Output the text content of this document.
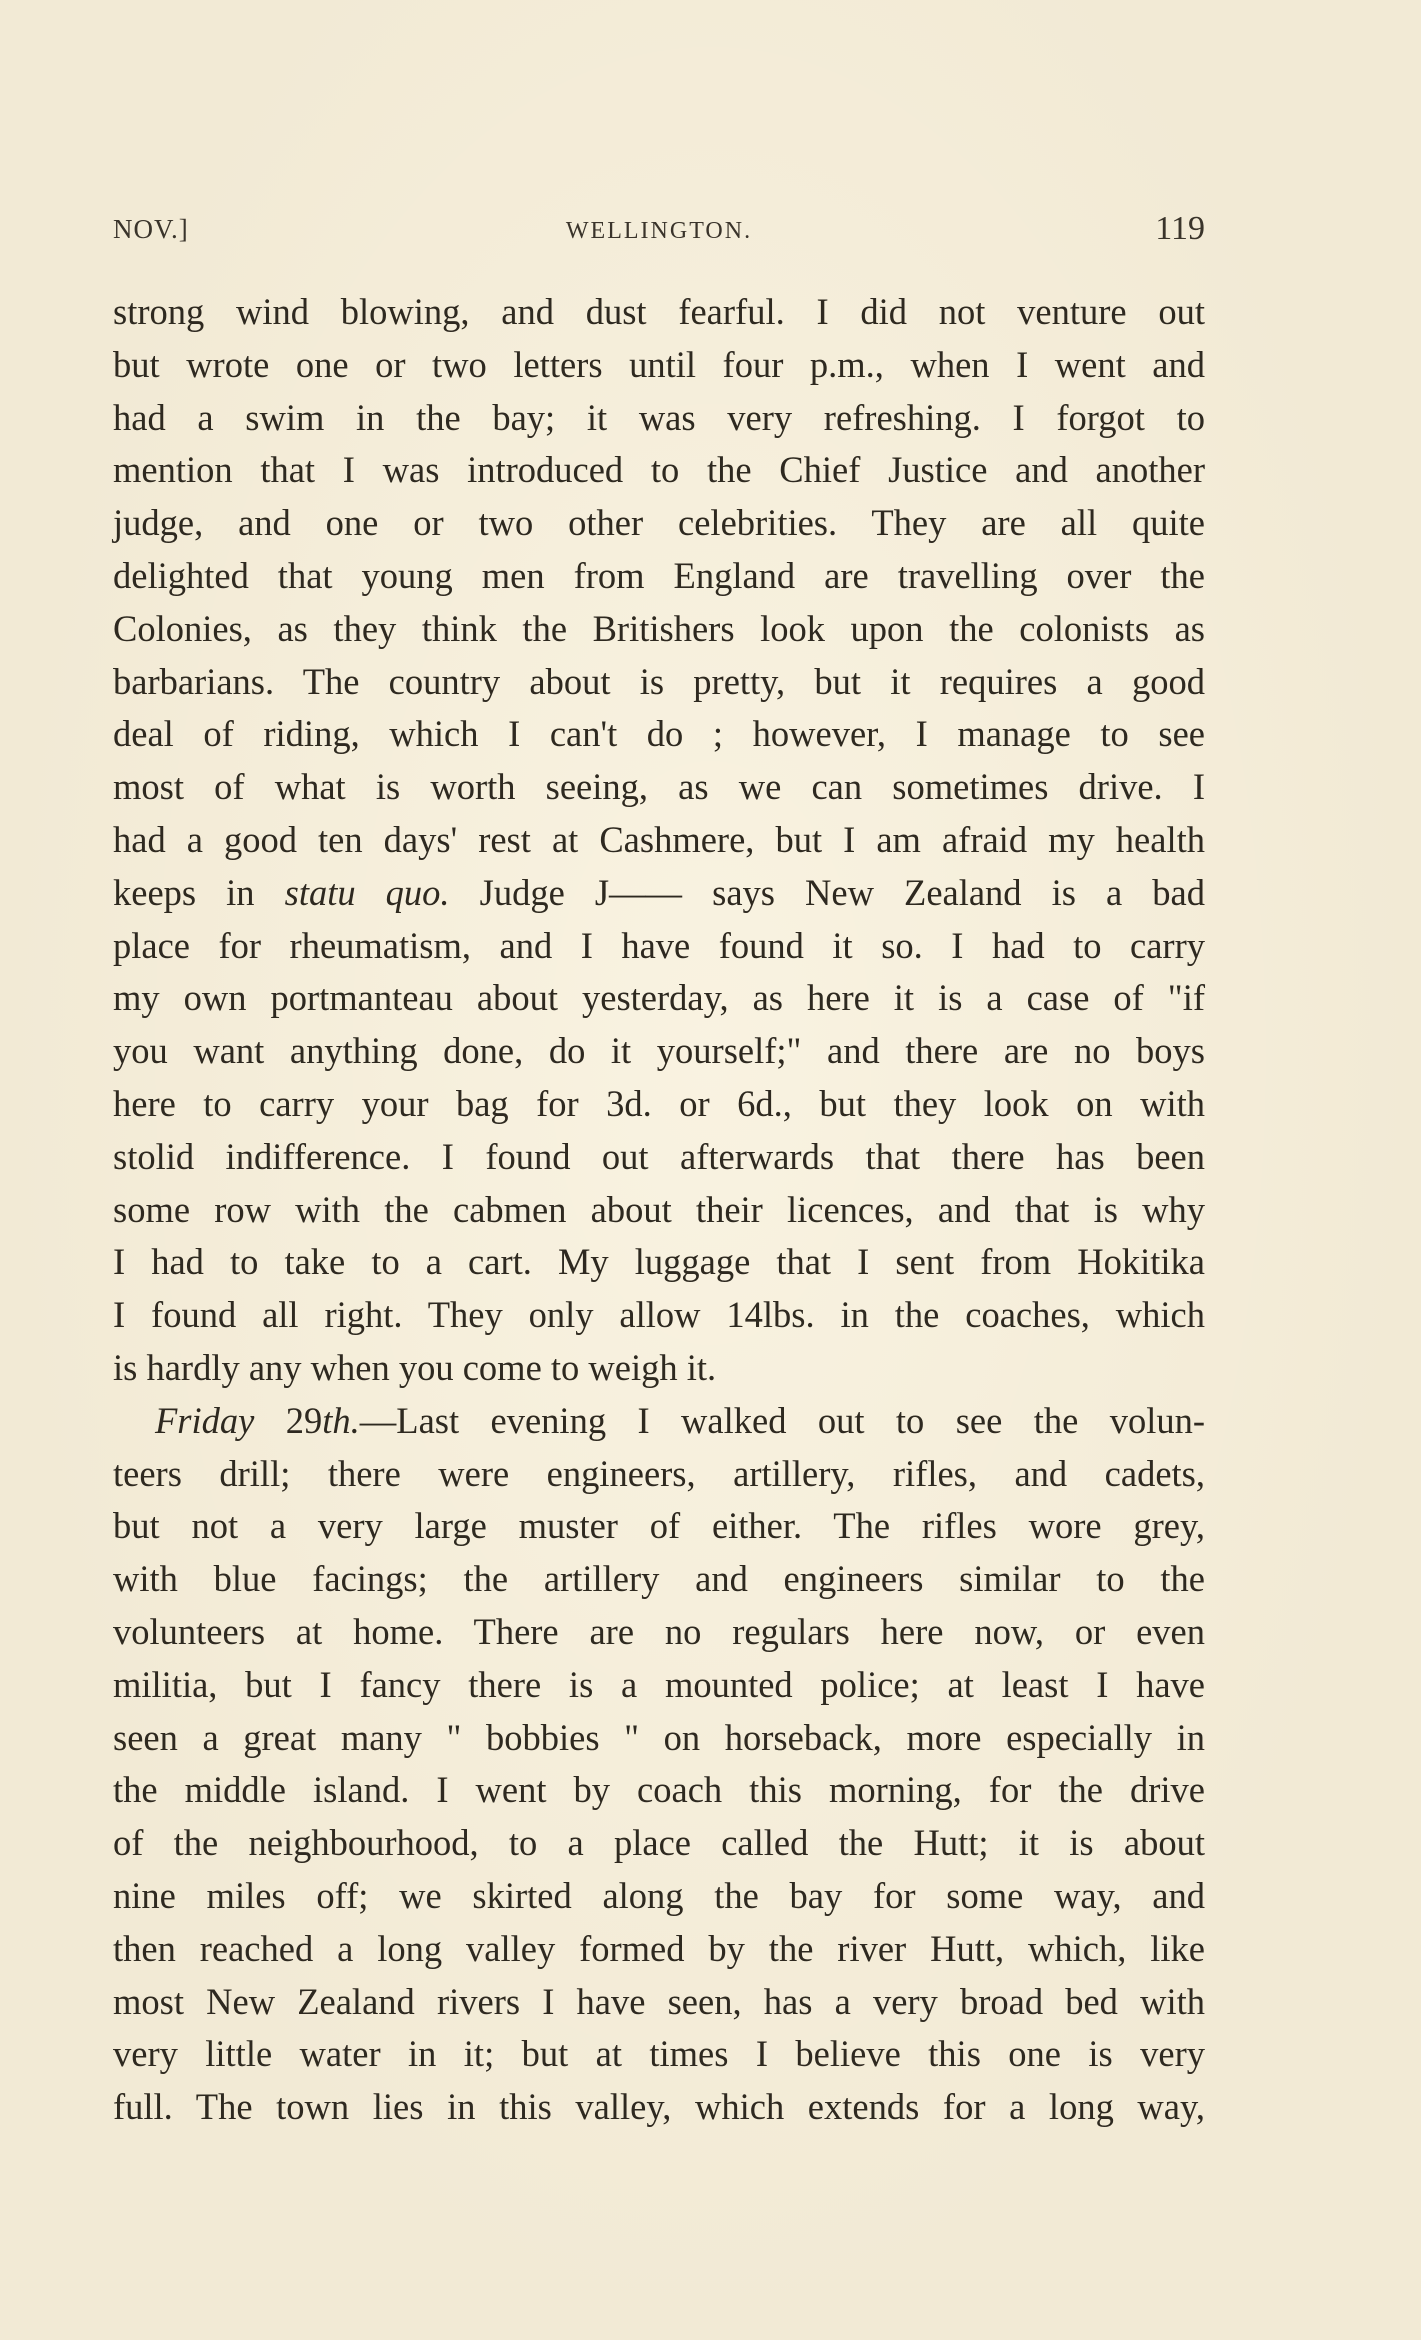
NOV.]	WELLINGTON.	119
strong wind blowing, and dust fearful. I did not venture out
but wrote one or two letters until four p.m., when I went and
had a swim in the bay; it was very refreshing. I forgot to
mention that I was introduced to the Chief Justice and another
judge, and one or two other celebrities. They are all quite
delighted that young men from England are travelling over the
Colonies, as they think the Britishers look upon the colonists as
barbarians. The country about is pretty, but it requires a good
deal of riding, which I can't do ; however, I manage to see
most of what is worth seeing, as we can sometimes drive. I
had a good ten days' rest at Cashmere, but I am afraid my health
keeps in statu quo. Judge J—— says New Zealand is a bad
place for rheumatism, and I have found it so. I had to carry
my own portmanteau about yesterday, as here it is a case of "if
you want anything done, do it yourself;" and there are no boys
here to carry your bag for 3d. or 6d., but they look on with
stolid indifference. I found out afterwards that there has been
some row with the cabmen about their licences, and that is why
I had to take to a cart. My luggage that I sent from Hokitika
I found all right. They only allow 14lbs. in the coaches, which
is hardly any when you come to weigh it.
Friday 29th.—Last evening I walked out to see the volun-
teers drill; there were engineers, artillery, rifles, and cadets,
but not a very large muster of either. The rifles wore grey,
with blue facings; the artillery and engineers similar to the
volunteers at home. There are no regulars here now, or even
militia, but I fancy there is a mounted police; at least I have
seen a great many " bobbies " on horseback, more especially in
the middle island. I went by coach this morning, for the drive
of the neighbourhood, to a place called the Hutt; it is about
nine miles off; we skirted along the bay for some way, and
then reached a long valley formed by the river Hutt, which, like
most New Zealand rivers I have seen, has a very broad bed with
very little water in it; but at times I believe this one is very
full. The town lies in this valley, which extends for a long way,
